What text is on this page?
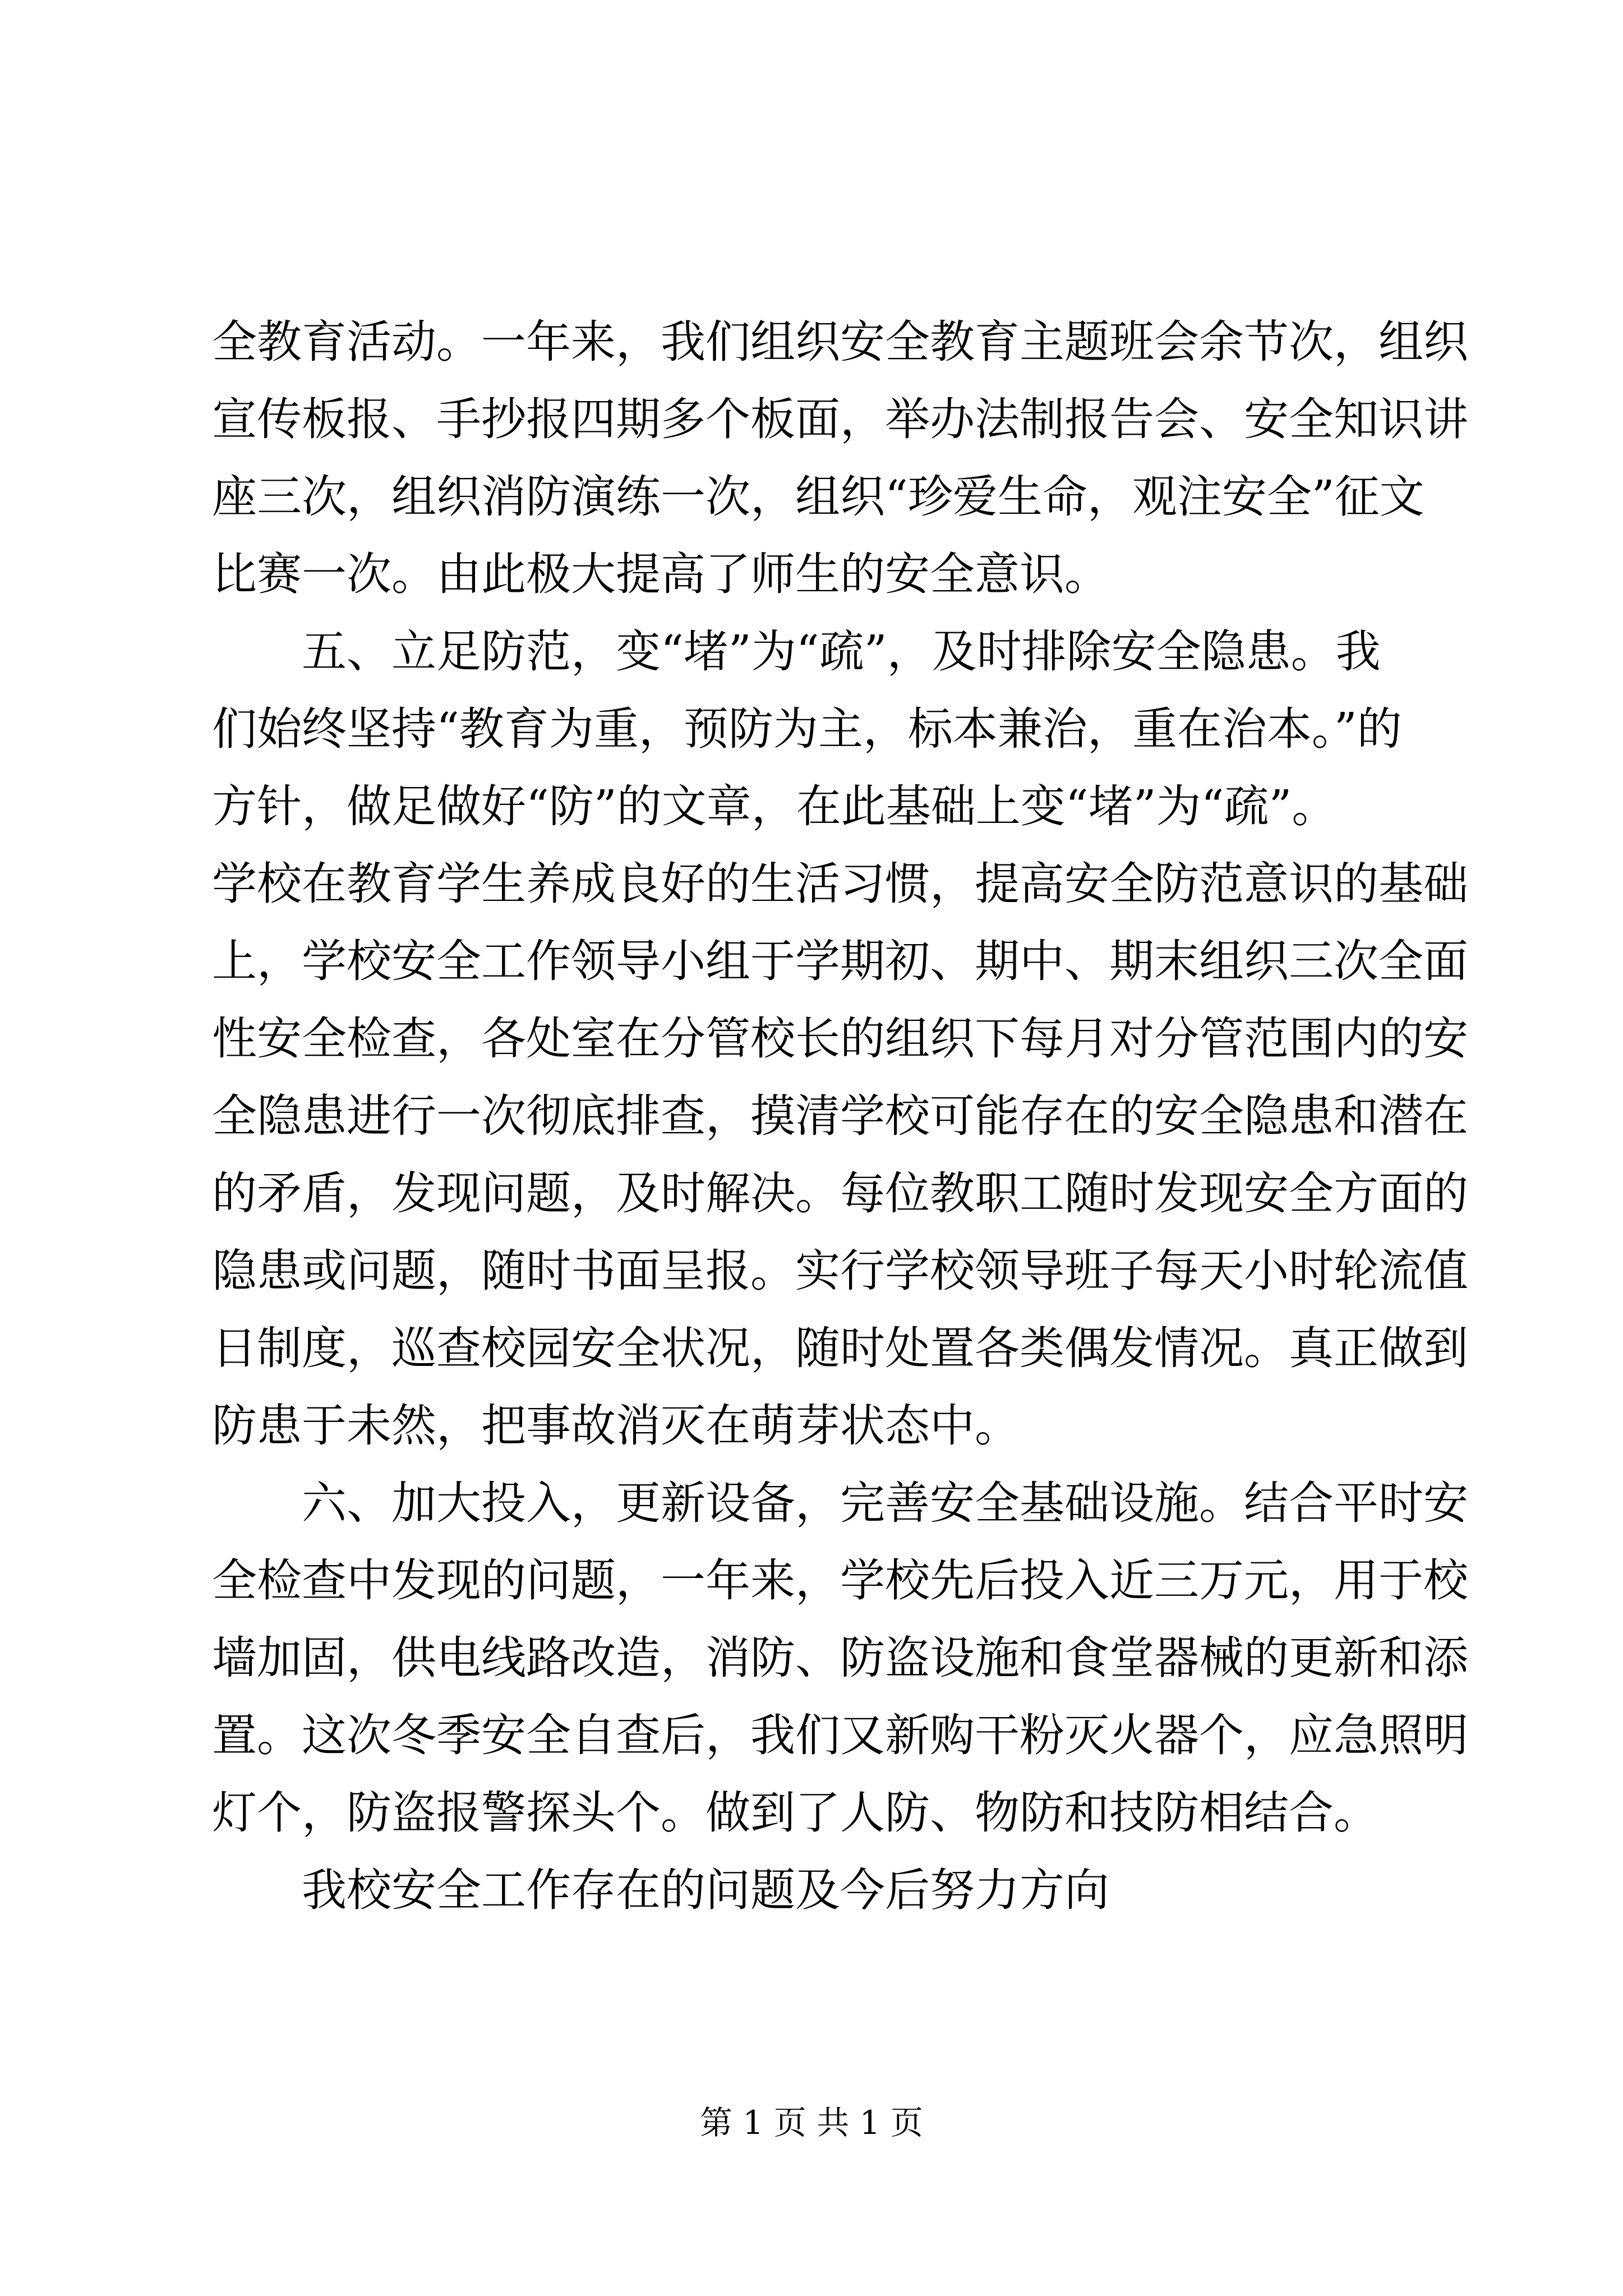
全教育活动。一年来，我们组织安全教育主题班会余节次，组织
宣传板报、手抄报四期多个板面，举办法制报告会、安全知识讲
座三次，组织消防演练一次，组织“珍爱生命，观注安全”征文
比赛一次。由此极大提高了师生的安全意识。
　　五、立足防范，变“堵”为“疏”，及时排除安全隐患。我
们始终坚持“教育为重，预防为主，标本兼治，重在治本。”的
方针，做足做好“防”的文章，在此基础上变“堵”为“疏”。
学校在教育学生养成良好的生活习惯，提高安全防范意识的基础
上，学校安全工作领导小组于学期初、期中、期末组织三次全面
性安全检查，各处室在分管校长的组织下每月对分管范围内的安
全隐患进行一次彻底排查，摸清学校可能存在的安全隐患和潜在
的矛盾，发现问题，及时解决。每位教职工随时发现安全方面的
隐患或问题，随时书面呈报。实行学校领导班子每天小时轮流值
日制度，巡查校园安全状况，随时处置各类偶发情况。真正做到
防患于未然，把事故消灭在萌芽状态中。
　　六、加大投入，更新设备，完善安全基础设施。结合平时安
全检查中发现的问题，一年来，学校先后投入近三万元，用于校
墙加固，供电线路改造，消防、防盗设施和食堂器械的更新和添
置。这次冬季安全自查后，我们又新购干粉灭火器个，应急照明
灯个，防盗报警探头个。做到了人防、物防和技防相结合。
　　我校安全工作存在的问题及今后努力方向
第 1 页 共 1 页
